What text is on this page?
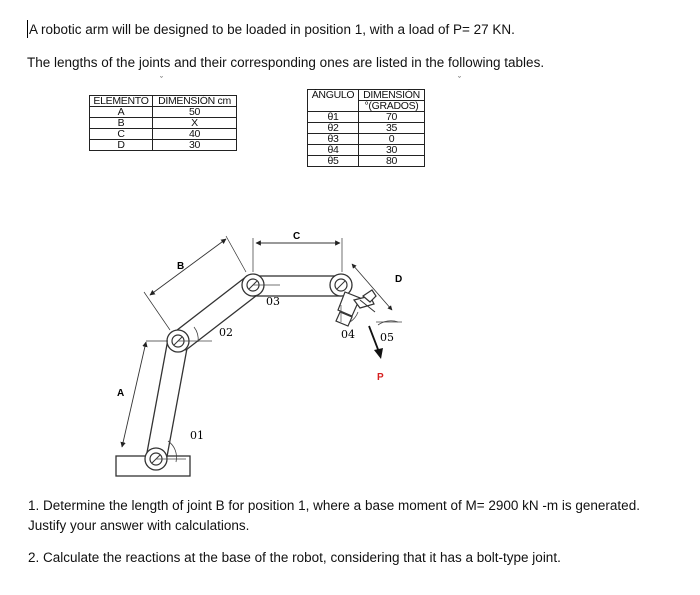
A robotic arm will be designed to be loaded in position 1, with a load of P= 27 KN.
The lengths of the joints and their corresponding ones are listed in the following tables.
ˇ	ˇ
ELEMENTO	DIMENSIÓN cm
A	50
B	X
C	40
D	30
ÁNGULO	DIMENSIÓN
	°(GRADOS)
θ1	70
θ2	35
θ3	0
θ4	30
θ5	80
A
B
C
D
P
01
02
03
04 05
1. Determine the length of joint B for position 1, where a base moment of M= 2900 kN -m is generated.
Justify your answer with calculations.
2. Calculate the reactions at the base of the robot, considering that it has a bolt-type joint.
